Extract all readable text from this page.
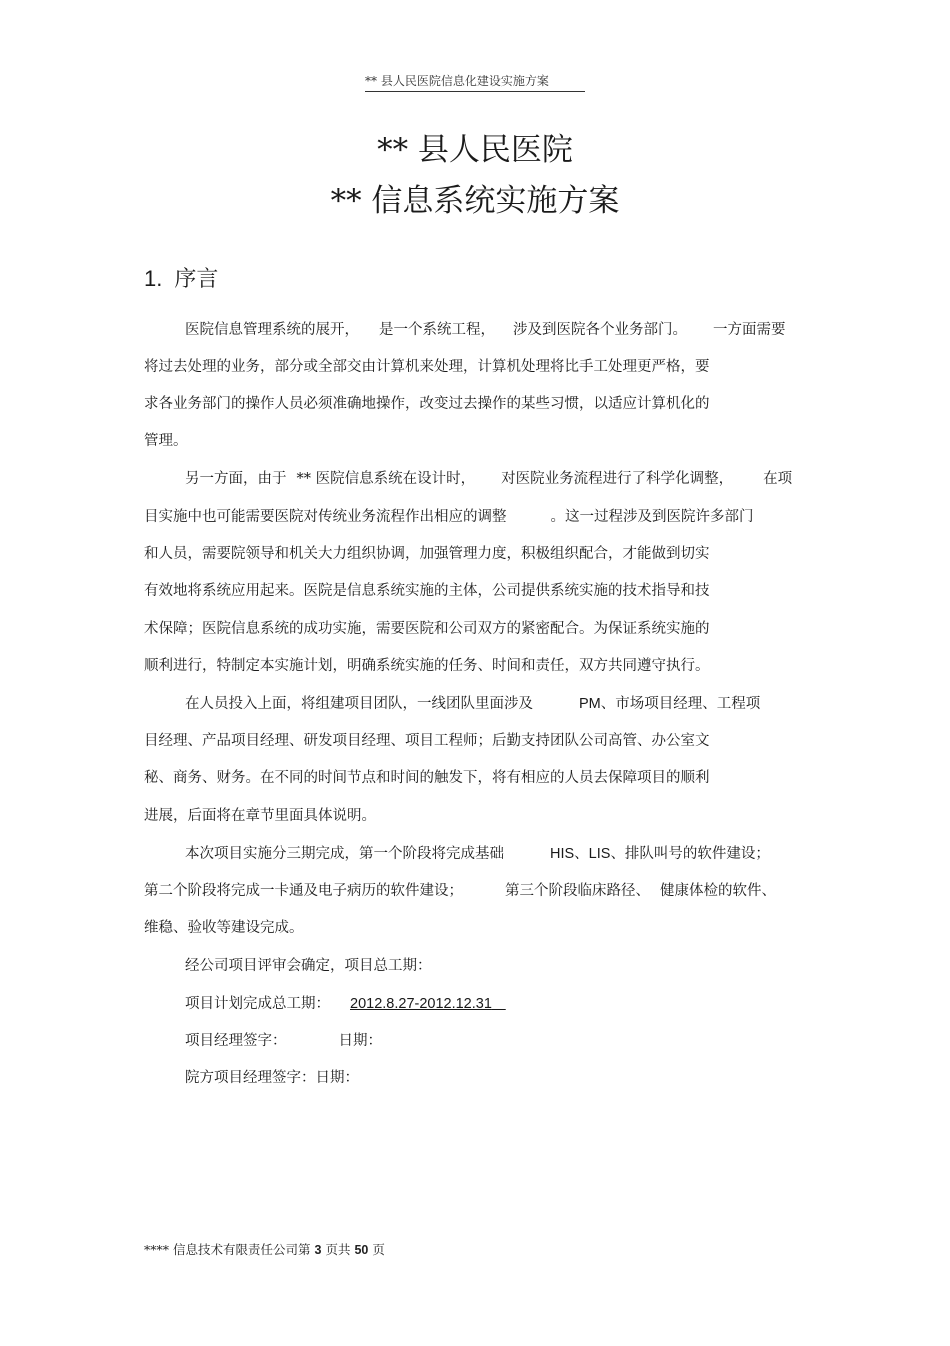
** 县人民医院信息化建设实施方案
** 县人民医院
** 信息系统实施方案
1. 序言
医院信息管理系统的展开， 是一个系统工程， 涉及到医院各个业务部门。 一方面需要
将过去处理的业务，部分或全部交由计算机来处理，计算机处理将比手工处理更严格，要
求各业务部门的操作人员必须准确地操作，改变过去操作的某些习惯，以适应计算机化的
管理。
另一方面，由于 ** 医院信息系统在设计时， 对医院业务流程进行了科学化调整， 在项
目实施中也可能需要医院对传统业务流程作出相应的调整	。这一过程涉及到医院许多部门
和人员，需要院领导和机关大力组织协调，加强管理力度，积极组织配合，才能做到切实
有效地将系统应用起来。医院是信息系统实施的主体，公司提供系统实施的技术指导和技
术保障；医院信息系统的成功实施，需要医院和公司双方的紧密配合。为保证系统实施的
顺利进行，特制定本实施计划，明确系统实施的任务、时间和责任，双方共同遵守执行。
在人员投入上面，将组建项目团队，一线团队里面涉及	PM、市场项目经理、工程项
目经理、产品项目经理、研发项目经理、项目工程师；后勤支持团队公司高管、办公室文
秘、商务、财务。在不同的时间节点和时间的触发下，将有相应的人员去保障项目的顺利
进展，后面将在章节里面具体说明。
本次项目实施分三期完成，第一个阶段将完成基础	HIS、LIS、排队叫号的软件建设；
第二个阶段将完成一卡通及电子病历的软件建设；	第三个阶段临床路径、 健康体检的软件、
维稳、验收等建设完成。
经公司项目评审会确定，项目总工期：
项目计划完成总工期： 2012.8.27-2012.12.31
项目经理签字：	日期：
院方项目经理签字：日期：
**** 信息技术有限责任公司第 3 页共 50 页
